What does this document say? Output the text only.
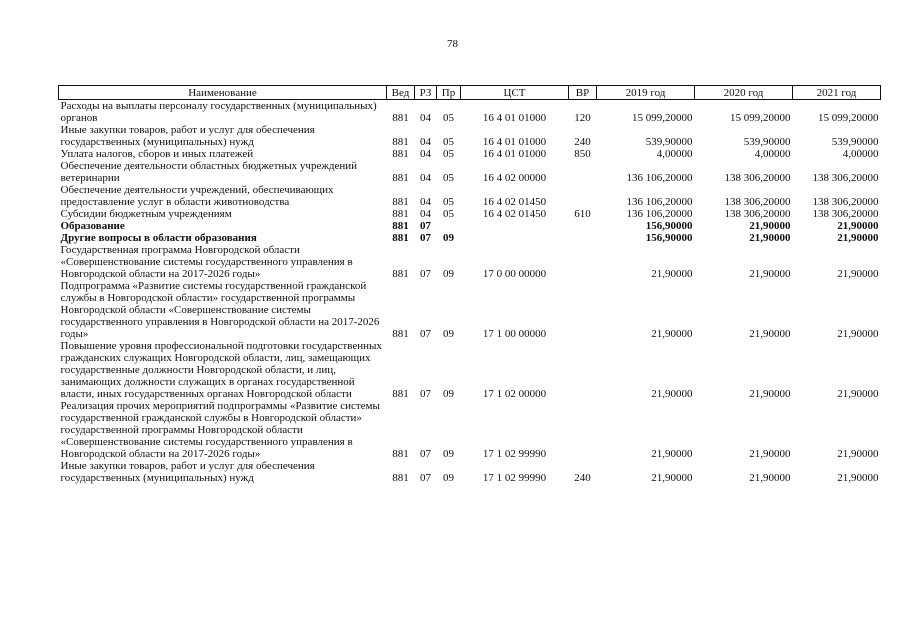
78
Наименование	Вед	РЗ	Пр	ЦСТ	ВР	2019 год	2020 год	2021 год
Расходы на выплаты персоналу государственных (муниципальных) органов	881	04	05	16 4 01 01000	120	15 099,20000	15 099,20000	15 099,20000
Иные закупки товаров, работ и услуг для обеспечения государственных (муниципальных) нужд	881	04	05	16 4 01 01000	240	539,90000	539,90000	539,90000
Уплата налогов, сборов и иных платежей	881	04	05	16 4 01 01000	850	4,00000	4,00000	4,00000
Обеспечение деятельности областных бюджетных учреждений ветеринарии	881	04	05	16 4 02 00000		136 106,20000	138 306,20000	138 306,20000
Обеспечение деятельности учреждений, обеспечивающих предоставление услуг в области животноводства	881	04	05	16 4 02 01450		136 106,20000	138 306,20000	138 306,20000
Субсидии бюджетным учреждениям	881	04	05	16 4 02 01450	610	136 106,20000	138 306,20000	138 306,20000
Образование	881	07				156,90000	21,90000	21,90000
Другие вопросы в области образования	881	07	09			156,90000	21,90000	21,90000
Государственная программа Новгородской области «Совершенствование системы государственного управления в Новгородской области на 2017-2026 годы»	881	07	09	17 0 00 00000		21,90000	21,90000	21,90000
Подпрограмма «Развитие системы государственной гражданской службы в Новгородской области» государственной программы Новгородской области «Совершенствование системы государственного управления в Новгородской области на 2017-2026 годы»	881	07	09	17 1 00 00000		21,90000	21,90000	21,90000
Повышение уровня профессиональной подготовки государственных гражданских служащих Новгородской области, лиц, замещающих государственные должности Новгородской области, и лиц, занимающих должности служащих в органах государственной власти, иных государственных органах Новгородской области	881	07	09	17 1 02 00000		21,90000	21,90000	21,90000
Реализация прочих мероприятий подпрограммы «Развитие системы государственной гражданской службы в Новгородской области» государственной программы Новгородской области «Совершенствование системы государственного управления в Новгородской области на 2017-2026 годы»	881	07	09	17 1 02 99990		21,90000	21,90000	21,90000
Иные закупки товаров, работ и услуг для обеспечения государственных (муниципальных) нужд	881	07	09	17 1 02 99990	240	21,90000	21,90000	21,90000
